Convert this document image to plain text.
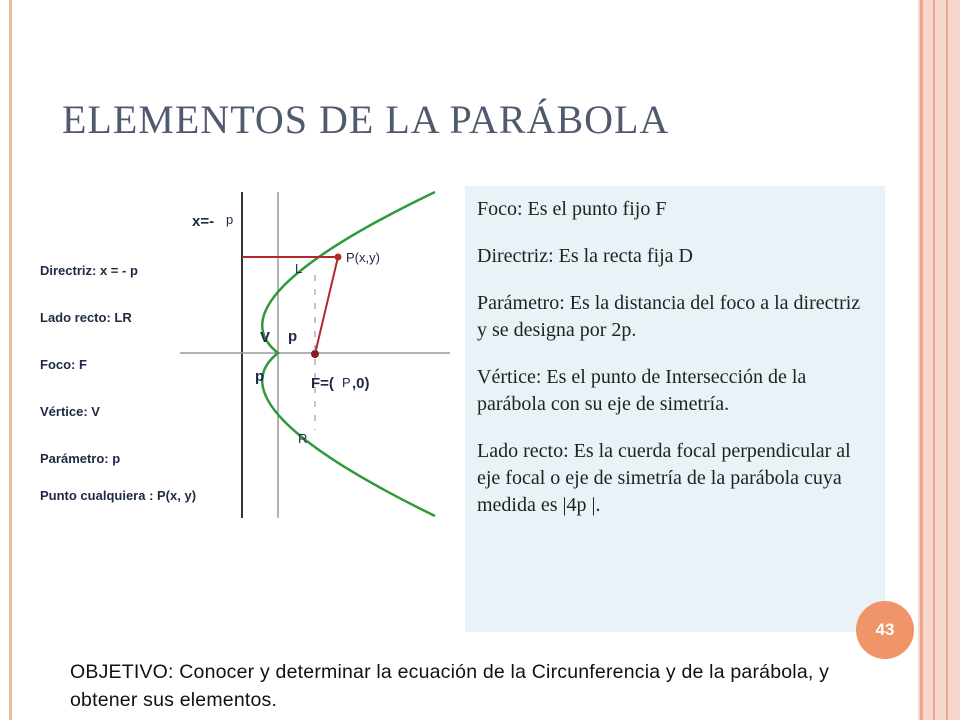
ELEMENTOS DE LA PARÁBOLA
x=- p
Directriz: x = - p
Lado recto: LR
Foco: F
Vértice: V
Parámetro: p
Punto cualquiera : P(x, y)
P(x,y)
L
V p
p	F=( P ,0)
R

Foco: Es el punto fijo F

Directriz: Es la recta fija D

Parámetro: Es la distancia del foco a la directriz y se designa por 2p.

Vértice: Es el punto de Intersección de la parábola con su eje de simetría.

Lado recto: Es la cuerda focal perpendicular al eje focal o eje de simetría de la parábola cuya medida es |4p |.

43
OBJETIVO: Conocer y determinar la ecuación de la Circunferencia y de la parábola, y obtener sus elementos.
